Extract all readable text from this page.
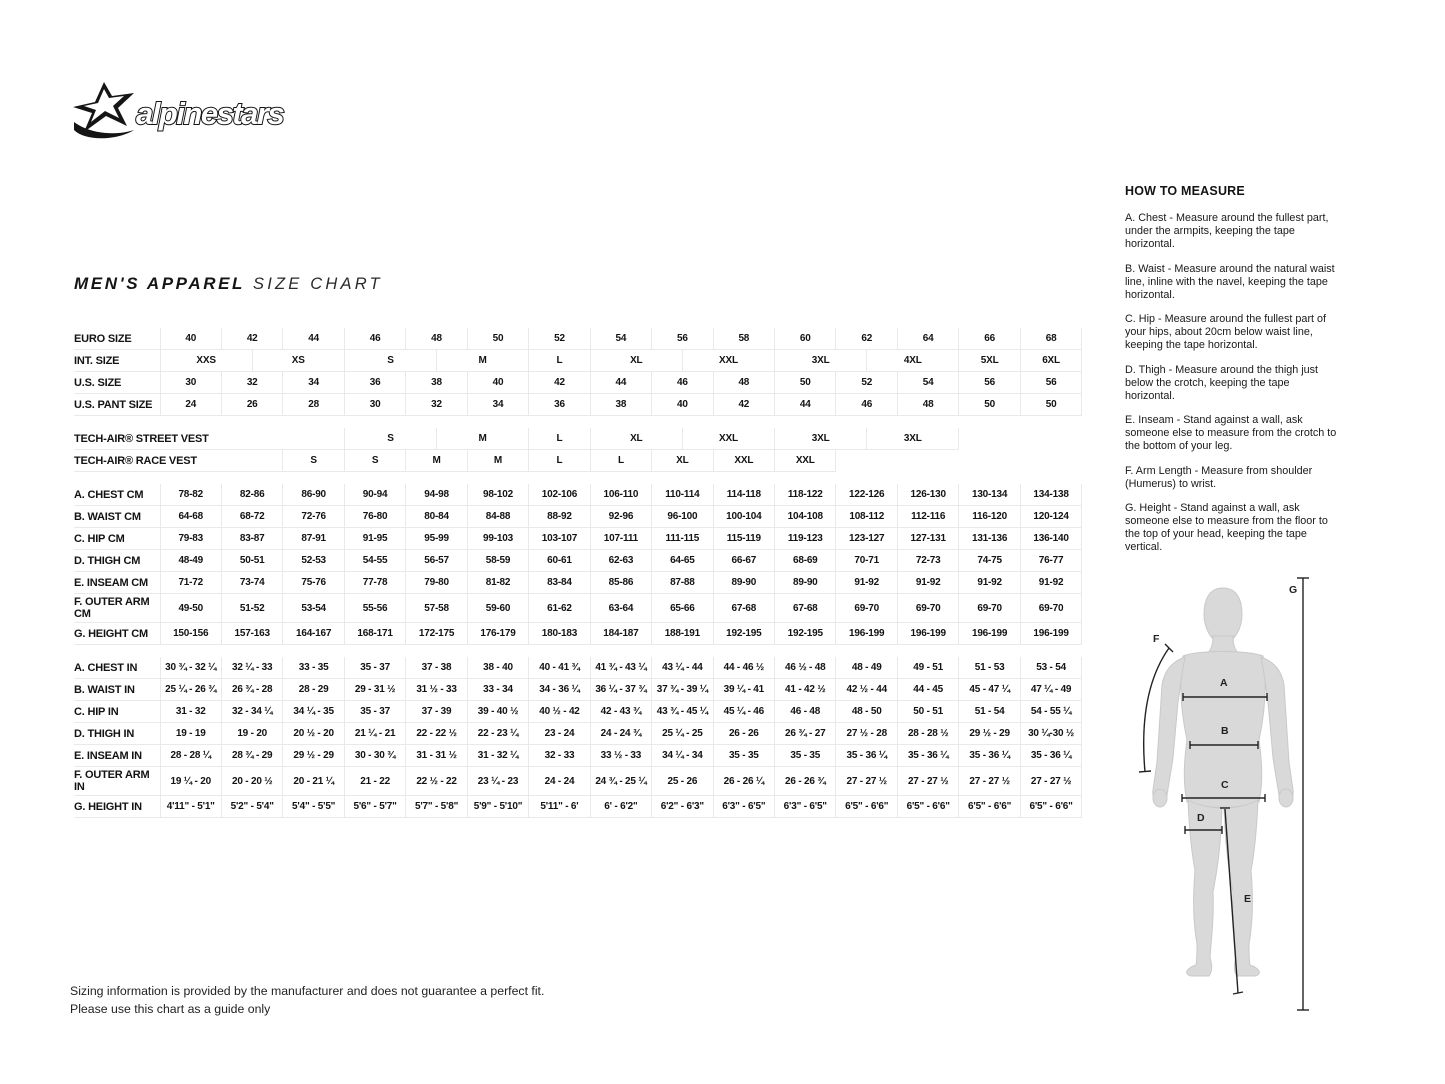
alpinestars
MEN'S APPAREL SIZE CHART
EURO SIZE	40	42		44	46	48		50	52	54	56		58	60	62		64	66	68
INT. SIZE	XXS		XS		S		M		L	XL		XXL		3XL		4XL		5XL	6XL
U.S. SIZE	30	32		34	36	38		40	42	44	46		48	50	52		54	56	56
U.S. PANT SIZE	24	26		28	30	32		34	36	38	40		42	44	46		48	50	50

TECH-AIR® STREET VEST					S		M		L	XL		XXL		3XL		3XL			
TECH-AIR® RACE VEST				S	S	M		M	L	L	XL		XXL	XXL					

A. CHEST CM	78-82	82-86		86-90	90-94	94-98		98-102	102-106	106-110	110-114		114-118	118-122	122-126		126-130	130-134	134-138
B. WAIST CM	64-68	68-72		72-76	76-80	80-84		84-88	88-92	92-96	96-100		100-104	104-108	108-112		112-116	116-120	120-124
C. HIP CM	79-83	83-87		87-91	91-95	95-99		99-103	103-107	107-111	111-115		115-119	119-123	123-127		127-131	131-136	136-140
D. THIGH CM	48-49	50-51		52-53	54-55	56-57		58-59	60-61	62-63	64-65		66-67	68-69	70-71		72-73	74-75	76-77
E. INSEAM CM	71-72	73-74		75-76	77-78	79-80		81-82	83-84	85-86	87-88		89-90	89-90	91-92		91-92	91-92	91-92
F. OUTER ARM CM	49-50	51-52		53-54	55-56	57-58		59-60	61-62	63-64	65-66		67-68	67-68	69-70		69-70	69-70	69-70
G. HEIGHT CM	150-156	157-163		164-167	168-171	172-175		176-179	180-183	184-187	188-191		192-195	192-195	196-199		196-199	196-199	196-199

A. CHEST IN	30 ¾ - 32 ¼	32 ¼ - 33		33 - 35	35 - 37	37 - 38		38 - 40	40 - 41 ¾	41 ¾ - 43 ¼	43 ¼ - 44		44 - 46 ½	46 ½ - 48	48 - 49		49 - 51	51 - 53	53 - 54
B. WAIST IN	25 ¼ - 26 ¾	26 ¾ - 28		28 - 29	29 - 31 ½	31 ½ - 33		33 - 34	34 - 36 ¼	36 ¼ - 37 ¾	37 ¾ - 39 ¼		39 ¼ - 41	41 - 42 ½	42 ½ - 44		44 - 45	45 - 47 ¼	47 ¼ - 49
C. HIP IN	31 - 32	32 - 34 ¼		34 ¼ - 35	35 - 37	37 - 39		39 - 40 ½	40 ½ - 42	42 - 43 ¾	43 ¾ - 45 ¼		45 ¼ - 46	46 - 48	48 - 50		50 - 51	51 - 54	54 - 55 ¼
D. THIGH IN	19 - 19	19 - 20		20 ½ - 20	21 ¼ - 21	22 - 22 ½		22 - 23 ¼	23 - 24	24 - 24 ¾	25 ¼ - 25		26 - 26	26 ¾ - 27	27 ½ - 28		28 - 28 ½	29 ½ - 29	30 ¼-30 ½
E. INSEAM IN	28 - 28 ¼	28 ¾ - 29		29 ½ - 29	30 - 30 ¾	31 - 31 ½		31 - 32 ¼	32 - 33	33 ½ - 33	34 ¼ - 34		35 - 35	35 - 35	35 - 36 ¼		35 - 36 ¼	35 - 36 ¼	35 - 36 ¼
F. OUTER ARM IN	19 ¼ - 20	20 - 20 ½		20 - 21 ¼	21 - 22	22 ½ - 22		23 ¼ - 23	24 - 24	24 ¾ - 25 ¼	25 - 26		26 - 26 ¼	26 - 26 ¾	27 - 27 ½		27 - 27 ½	27 - 27 ½	27 - 27 ½
G. HEIGHT IN	4'11" - 5'1"	5'2" - 5'4"		5'4" - 5'5"	5'6" - 5'7"	5'7" - 5'8"		5'9" - 5'10"	5'11" - 6'	6' - 6'2"	6'2" - 6'3"		6'3" - 6'5"	6'3" - 6'5"	6'5" - 6'6"		6'5" - 6'6"	6'5" - 6'6"	6'5" - 6'6"
HOW TO MEASURE

A. Chest - Measure around the fullest part, under the armpits, keeping the tape horizontal.

B. Waist - Measure around the natural waist line, inline with the navel, keeping the tape horizontal.

C. Hip - Measure around the fullest part of your hips, about 20cm below waist line, keeping the tape horizontal.

D. Thigh - Measure around the thigh just below the crotch, keeping the tape horizontal.

E. Inseam - Stand against a wall, ask someone else to measure from the crotch to the bottom of your leg.

F. Arm Length - Measure from shoulder (Humerus) to wrist.

G. Height - Stand against a wall, ask someone else to measure from the floor to the top of your head, keeping the tape vertical.

A
B
C
D
E
F
G
Sizing information is provided by the manufacturer and does not guarantee a perfect fit.
Please use this chart as a guide only
